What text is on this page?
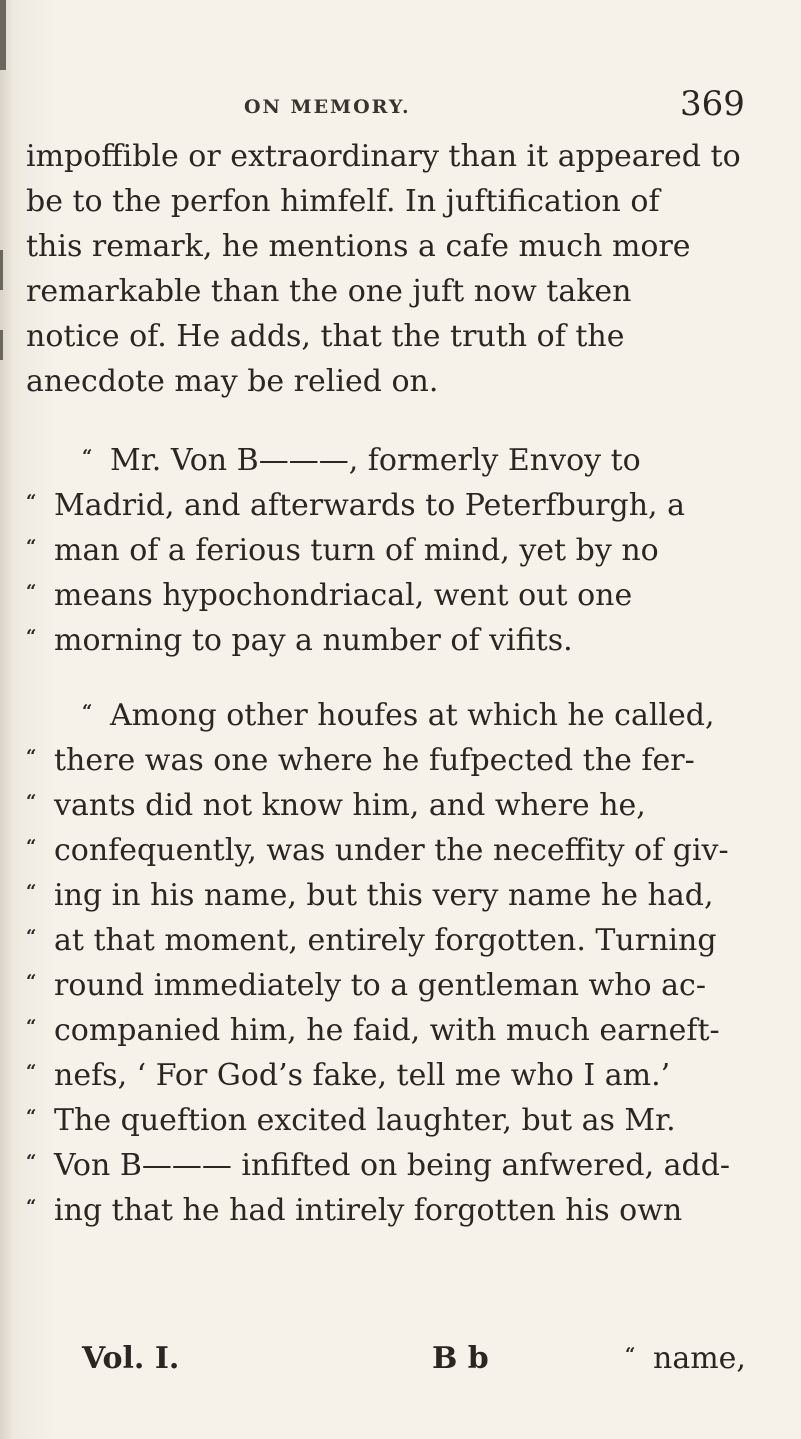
ON MEMORY.	369
impoffible or extraordinary than it appeared to
be to the perfon himfelf. In juftification of
this remark, he mentions a cafe much more
remarkable than the one juft now taken
notice of. He adds, that the truth of the
anecdote may be relied on.
“ Mr. Von B———, formerly Envoy to
“ Madrid, and afterwards to Peterfburgh, a
“ man of a ferious turn of mind, yet by no
“ means hypochondriacal, went out one
“ morning to pay a number of vifits.
“ Among other houfes at which he called,
“ there was one where he fufpected the fer-
“ vants did not know him, and where he,
“ confequently, was under the neceffity of giv-
“ ing in his name, but this very name he had,
“ at that moment, entirely forgotten. Turning
“ round immediately to a gentleman who ac-
“ companied him, he faid, with much earneft-
“ nefs, ‘ For God’s fake, tell me who I am.’
“ The queftion excited laughter, but as Mr.
“ Von B——— infifted on being anfwered, add-
“ ing that he had intirely forgotten his own
Vol. I.	B b	“ name,
